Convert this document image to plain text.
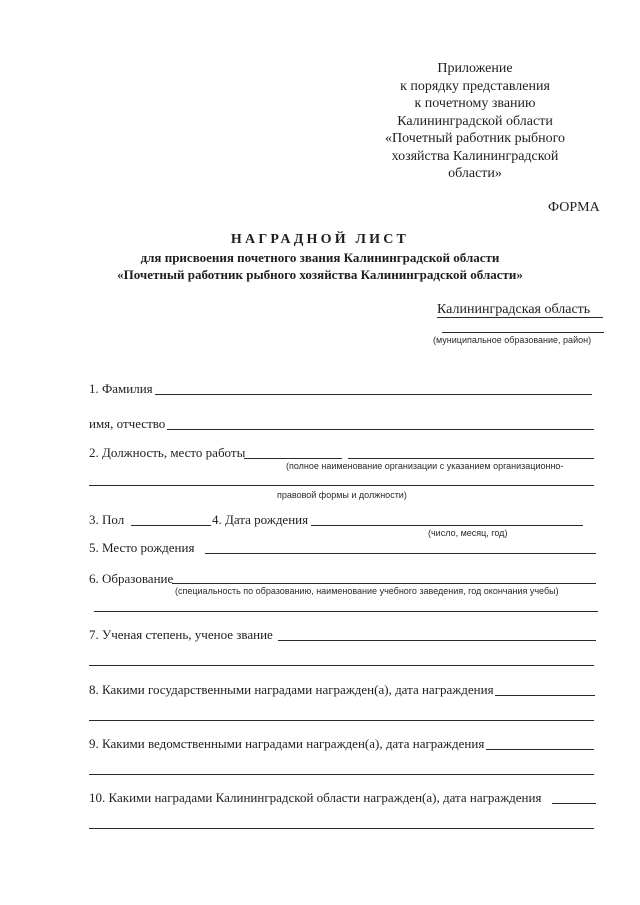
Приложение
к порядку представления
к почетному званию
Калининградской области
«Почетный работник рыбного
хозяйства Калининградской
области»
ФОРМА
НАГРАДНОЙ ЛИСТ
для присвоения почетного звания Калининградской области
«Почетный работник рыбного хозяйства Калининградской области»
Калининградская область
(муниципальное образование, район)
1. Фамилия
имя, отчество
2. Должность, место работы
(полное наименование организации с указанием организационно-
правовой формы и должности)
3. Пол	4. Дата рождения
(число, месяц, год)
5. Место рождения
6. Образование
(специальность по образованию, наименование учебного заведения, год окончания учебы)
7. Ученая степень, ученое звание
8. Какими государственными наградами награжден(а), дата награждения
9. Какими ведомственными наградами награжден(а), дата награждения
10. Какими наградами Калининградской области награжден(а), дата награждения
